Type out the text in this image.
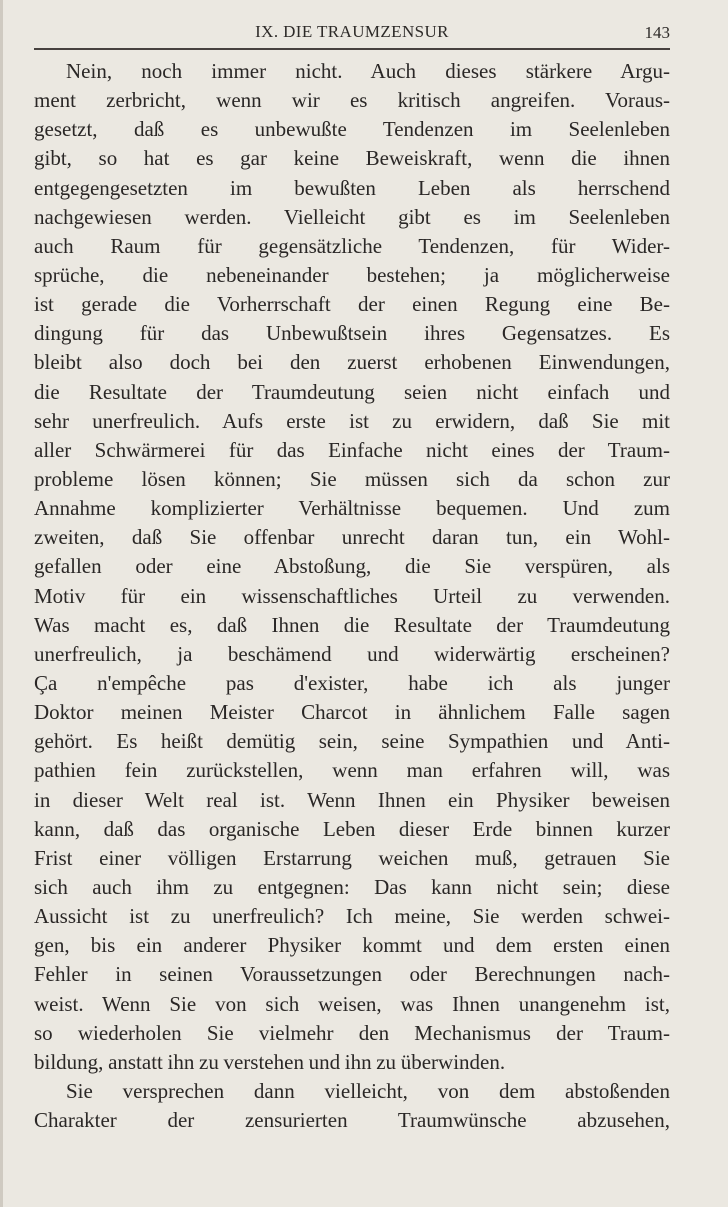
IX. DIE TRAUMZENSUR	143
Nein, noch immer nicht. Auch dieses stärkere Argu-
ment zerbricht, wenn wir es kritisch angreifen. Voraus-
gesetzt, daß es unbewußte Tendenzen im Seelenleben
gibt, so hat es gar keine Beweiskraft, wenn die ihnen
entgegengesetzten im bewußten Leben als herrschend
nachgewiesen werden. Vielleicht gibt es im Seelenleben
auch Raum für gegensätzliche Tendenzen, für Wider-
sprüche, die nebeneinander bestehen; ja möglicherweise
ist gerade die Vorherrschaft der einen Regung eine Be-
dingung für das Unbewußtsein ihres Gegensatzes. Es
bleibt also doch bei den zuerst erhobenen Einwendungen,
die Resultate der Traumdeutung seien nicht einfach und
sehr unerfreulich. Aufs erste ist zu erwidern, daß Sie mit
aller Schwärmerei für das Einfache nicht eines der Traum-
probleme lösen können; Sie müssen sich da schon zur
Annahme komplizierter Verhältnisse bequemen. Und zum
zweiten, daß Sie offenbar unrecht daran tun, ein Wohl-
gefallen oder eine Abstoßung, die Sie verspüren, als
Motiv für ein wissenschaftliches Urteil zu verwenden.
Was macht es, daß Ihnen die Resultate der Traumdeutung
unerfreulich, ja beschämend und widerwärtig erscheinen?
Ça n'empêche pas d'exister, habe ich als junger
Doktor meinen Meister Charcot in ähnlichem Falle sagen
gehört. Es heißt demütig sein, seine Sympathien und Anti-
pathien fein zurückstellen, wenn man erfahren will, was
in dieser Welt real ist. Wenn Ihnen ein Physiker beweisen
kann, daß das organische Leben dieser Erde binnen kurzer
Frist einer völligen Erstarrung weichen muß, getrauen Sie
sich auch ihm zu entgegnen: Das kann nicht sein; diese
Aussicht ist zu unerfreulich? Ich meine, Sie werden schwei-
gen, bis ein anderer Physiker kommt und dem ersten einen
Fehler in seinen Voraussetzungen oder Berechnungen nach-
weist. Wenn Sie von sich weisen, was Ihnen unangenehm ist,
so wiederholen Sie vielmehr den Mechanismus der Traum-
bildung, anstatt ihn zu verstehen und ihn zu überwinden.
Sie versprechen dann vielleicht, von dem abstoßenden
Charakter der zensurierten Traumwünsche abzusehen,
